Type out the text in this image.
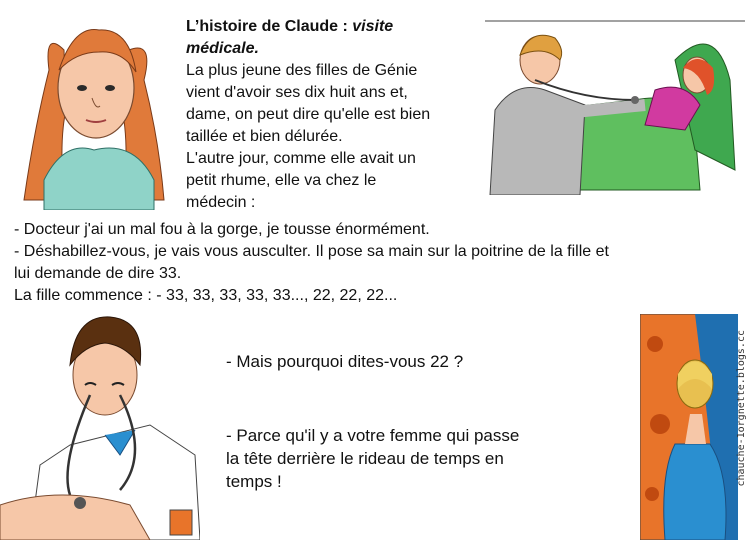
L’histoire de Claude : visite
médicale.
La plus jeune des filles de Génie
vient d'avoir ses dix huit ans et,
dame, on peut dire qu'elle est bien
taillée et bien délurée.
L'autre jour, comme elle avait un
petit rhume, elle va chez le
médecin :
- Docteur j'ai un mal fou à la gorge, je tousse énormément.
- Déshabillez-vous, je vais vous ausculter. Il pose sa main sur la poitrine de la fille et
lui demande de dire 33.
La fille commence : - 33, 33, 33, 33, 33..., 22, 22, 22...
- Mais pourquoi dites-vous 22 ?
- Parce qu'il y a votre femme qui passe
la tête derrière le rideau de temps en
temps !	chauche-1orgnette.blogs.cc
